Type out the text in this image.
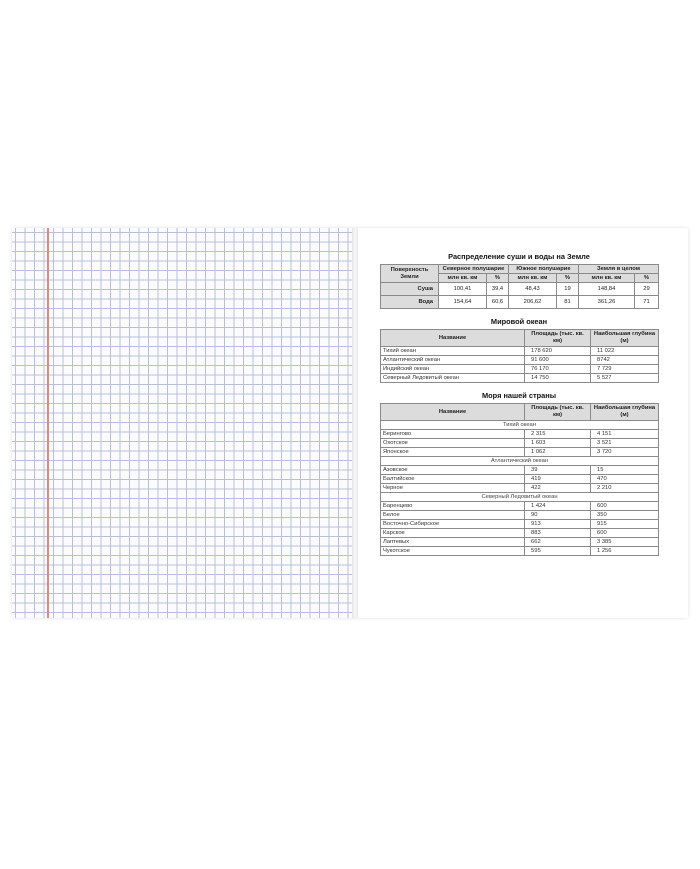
Распределение суши и воды на Земле
Поверхность Земли	Северное полушарие		Южное полушарие		Земля в целом	
	млн кв. км	%	млн кв. км	%	млн кв. км	%
Суша	100,41	39,4	48,43	19	148,84	29
Вода	154,64	60,6	206,62	81	361,26	71
Мировой океан
Название	Площадь (тыс. кв. км)	Наибольшая глубина (м)
Тихий океан	178 620	11 022
Атлантический океан	91 600	8742
Индийский океан	76 170	7 729
Северный Ледовитый океан	14 750	5 527
Моря нашей страны
Название	Площадь (тыс. кв. км)	Наибольшая глубина (м)
Тихий океан		
Берингово	2 315	4 151
Охотское	1 603	3 521
Японское	1 062	3 720
Атлантический океан		
Азовское	39	15
Балтийское	419	470
Черное	422	2 210
Северный Ледовитый океан		
Баренцево	1 424	600
Белое	90	350
Восточно-Сибирское	913	915
Карское	883	600
Лаптевых	662	3 385
Чукотское	595	1 256
